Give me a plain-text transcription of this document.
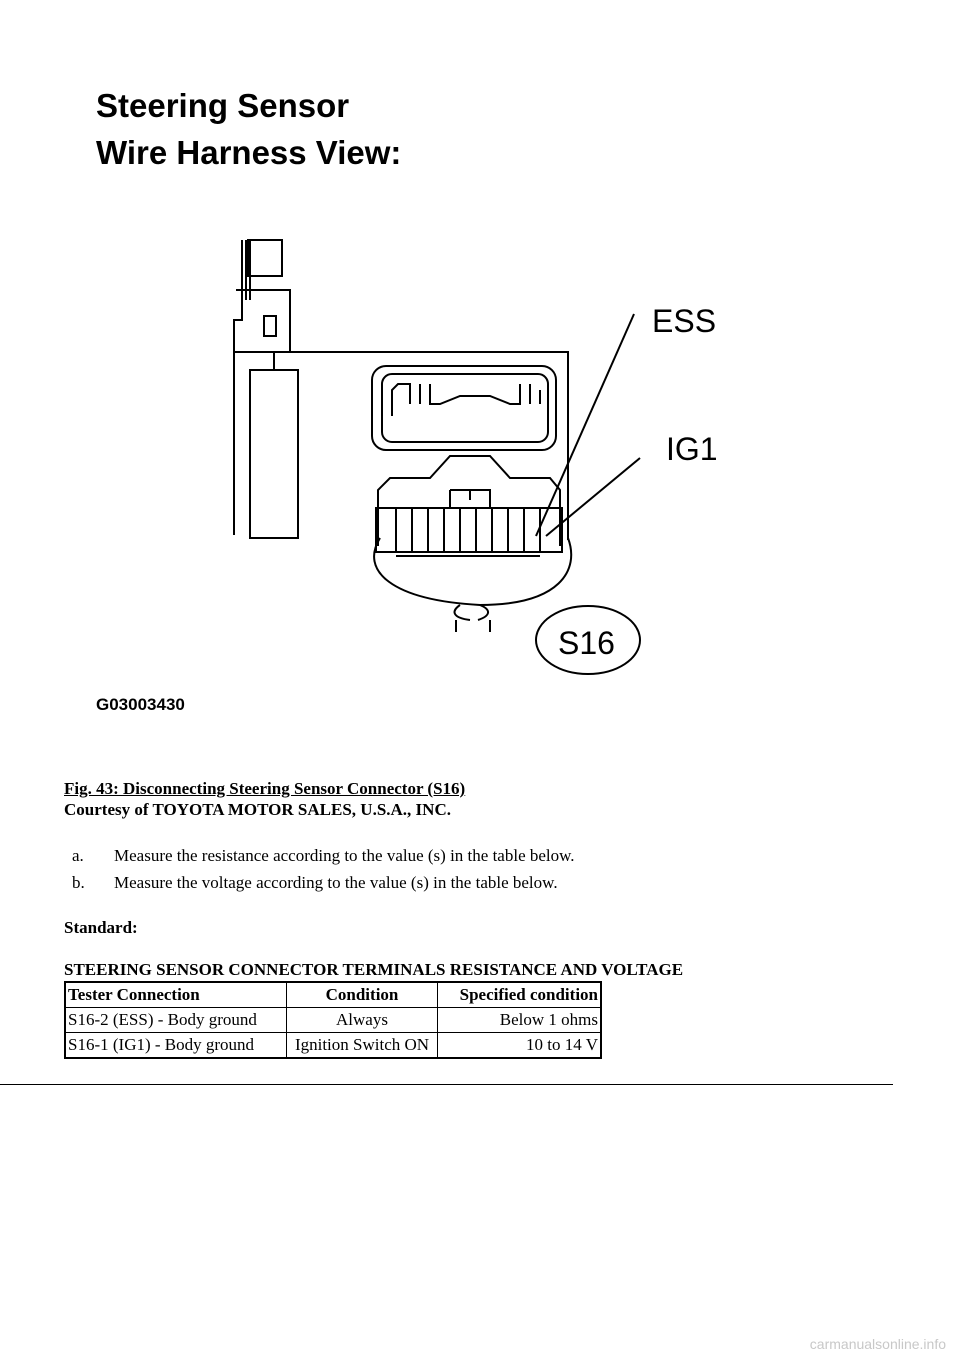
Steering Sensor
Wire Harness View:
ESS
IG1
S16
G03003430
Fig. 43: Disconnecting Steering Sensor Connector (S16)
Courtesy of TOYOTA MOTOR SALES, U.S.A., INC.
a.	Measure the resistance according to the value (s) in the table below.
b.	Measure the voltage according to the value (s) in the table below.
Standard:
STEERING SENSOR CONNECTOR TERMINALS RESISTANCE AND VOLTAGE
Tester Connection	Condition	Specified condition
S16-2 (ESS) - Body ground	Always	Below 1 ohms
S16-1 (IG1) - Body ground	Ignition Switch ON	10 to 14 V
carmanualsonline.info
